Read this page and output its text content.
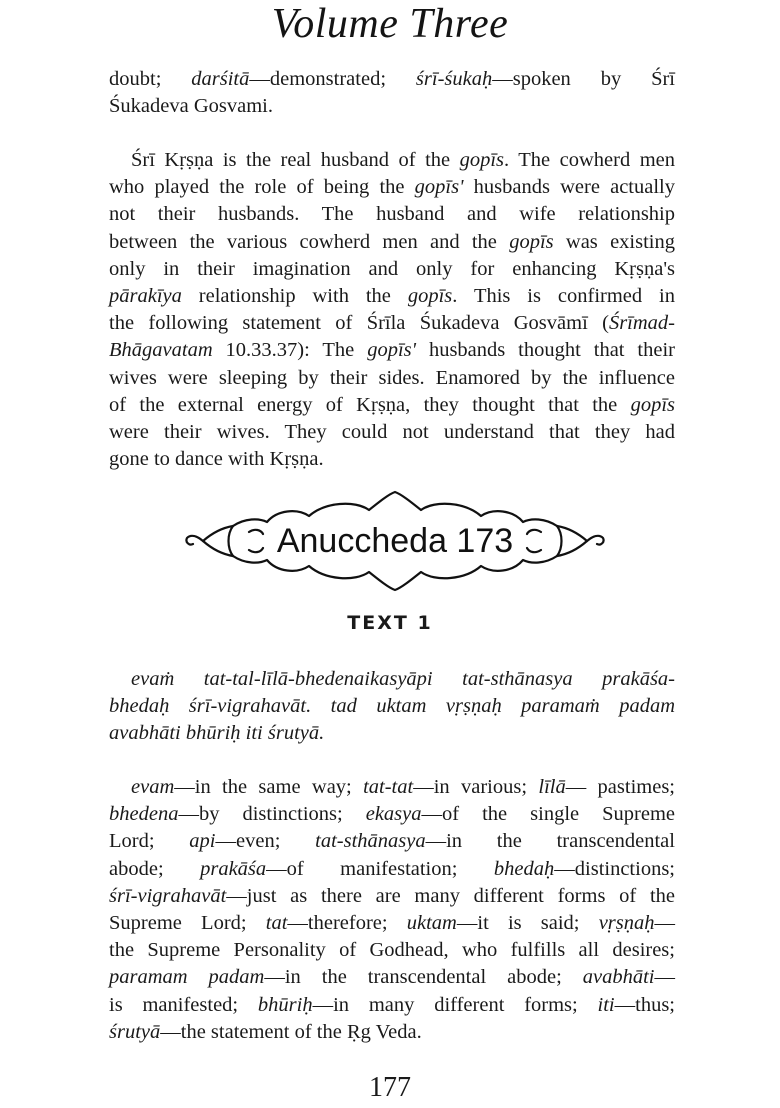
Volume Three
doubt; darśitā—demonstrated; śrī-śukaḥ—spoken by Śrī
Śukadeva Gosvami.
Śrī Kṛṣṇa is the real husband of the gopīs. The cowherd men
who played the role of being the gopīs' husbands were actually
not their husbands. The husband and wife relationship
between the various cowherd men and the gopīs was existing
only in their imagination and only for enhancing Kṛṣṇa's
pārakīya relationship with the gopīs. This is confirmed in
the following statement of Śrīla Śukadeva Gosvāmī (Śrīmad-
Bhāgavatam 10.33.37): The gopīs' husbands thought that their
wives were sleeping by their sides. Enamored by the influence
of the external energy of Kṛṣṇa, they thought that the gopīs
were their wives. They could not understand that they had
gone to dance with Kṛṣṇa.
Anuccheda 173
TEXT 1
evaṁ tat-tal-līlā-bhedenaikasyāpi tat-sthānasya prakāśa-
bhedaḥ śrī-vigrahavāt. tad uktam vṛṣṇaḥ paramaṁ padam
avabhāti bhūriḥ iti śrutyā.
evam—in the same way; tat-tat—in various; līlā— pastimes;
bhedena—by distinctions; ekasya—of the single Supreme
Lord; api—even; tat-sthānasya—in the transcendental
abode; prakāśa—of manifestation; bhedaḥ—distinctions;
śrī-vigrahavāt—just as there are many different forms of the
Supreme Lord; tat—therefore; uktam—it is said; vṛṣṇaḥ—
the Supreme Personality of Godhead, who fulfills all desires;
paramam padam—in the transcendental abode; avabhāti—
is manifested; bhūriḥ—in many different forms; iti—thus;
śrutyā—the statement of the Ṛg Veda.
177
